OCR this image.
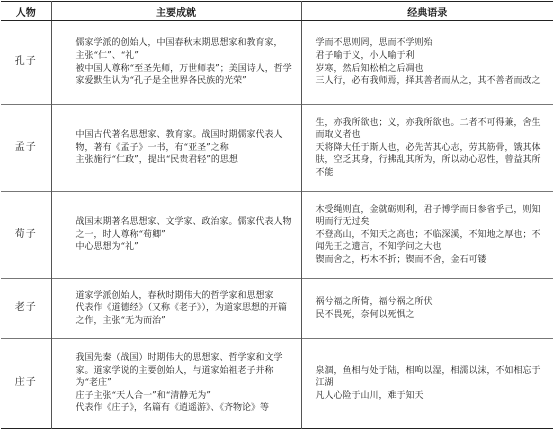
人物	主要成就	经典语录
孔子	儒家学派的创始人，中国春秋末期思想家和教育家，
主张“仁”、“礼”
被中国人尊称“至圣先师，万世师表”；美国诗人，哲学家爱默生认为“孔子是全世界各民族的光荣”	学而不思则罔，思而不学则殆
君子喻于义，小人喻于利
岁寒，然后知松柏之后凋也
三人行，必有我师焉，择其善者而从之，其不善者而改之

孟子	中国古代著名思想家、教育家。战国时期儒家代表人物，著有《孟子》一书，有“亚圣”之称
主张施行“仁政”，提出“民贵君轻”的思想	生，亦我所欲也；义，亦我所欲也。二者不可得兼，舍生而取义者也
天将降大任于斯人也，必先苦其心志，劳其筋骨，饿其体肤，空乏其身，行拂乱其所为，所以动心忍性，曾益其所不能

荀子	战国末期著名思想家、文学家、政治家。儒家代表人物之一，时人尊称“荀卿”
中心思想为“礼”	木受绳则直，金就砺则利，君子博学而日参省乎己，则知明而行无过矣
不登高山，不知天之高也；不临深溪，不知地之厚也；不闻先王之遗言，不知学问之大也
锲而舍之，朽木不折；锲而不舍，金石可镂

老子	道家学派创始人，春秋时期伟大的哲学家和思想家
代表作《道德经》（又称《老子》），为道家思想的开篇之作，主张“无为而治”	祸兮福之所倚，福兮祸之所伏
民不畏死，奈何以死惧之

庄子	我国先秦（战国）时期伟大的思想家、哲学家和文学家。道家学说的主要创始人，与道家始祖老子并称为“老庄”
庄子主张“天人合一”和“清静无为”
代表作《庄子》，名篇有《逍遥游》、《齐物论》等	泉涸，鱼相与处于陆，相呴以湿，相濡以沫，不如相忘于江湖
凡人心险于山川，难于知天
